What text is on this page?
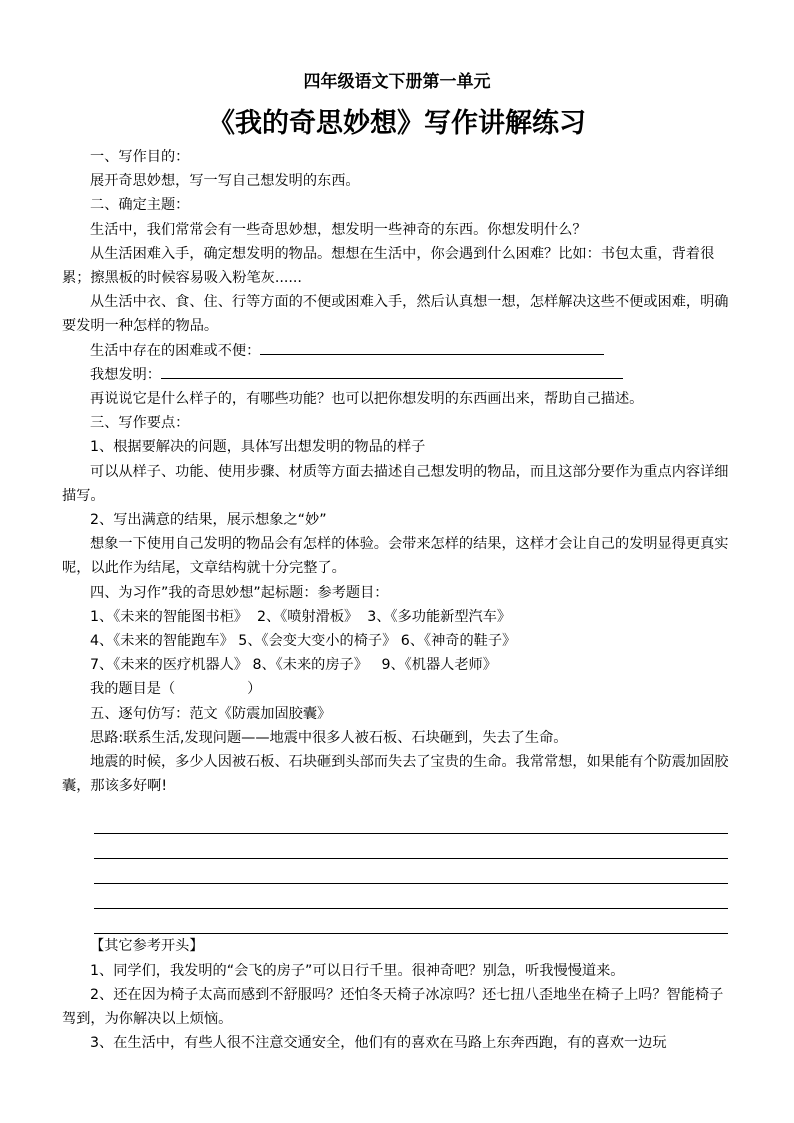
四年级语文下册第一单元
《我的奇思妙想》写作讲解练习

一、写作目的：

展开奇思妙想，写一写自己想发明的东西。

二、确定主题：

生活中，我们常常会有一些奇思妙想，想发明一些神奇的东西。你想发明什么？

从生活困难入手，确定想发明的物品。想想在生活中，你会遇到什么困难？比如：书包太重，背着很累；擦黑板的时候容易吸入粉笔灰......

从生活中衣、食、住、行等方面的不便或困难入手，然后认真想一想，怎样解决这些不便或困难，明确要发明一种怎样的物品。

生活中存在的困难或不便：

我想发明：

再说说它是什么样子的，有哪些功能？也可以把你想发明的东西画出来，帮助自己描述。

三、写作要点：

1、根据要解决的问题，具体写出想发明的物品的样子

可以从样子、功能、使用步骤、材质等方面去描述自己想发明的物品，而且这部分要作为重点内容详细描写。

2、写出满意的结果，展示想象之“妙”

想象一下使用自己发明的物品会有怎样的体验。会带来怎样的结果，这样才会让自己的发明显得更真实呢，以此作为结尾，文章结构就十分完整了。

四、为习作”我的奇思妙想”起标题：参考题目：

1、《未来的智能图书柜》  2、《喷射滑板》  3、《多功能新型汽车》

4、《未来的智能跑车》 5、《会变大变小的椅子》 6、《神奇的鞋子》

7、《未来的医疗机器人》 8、《未来的房子》   9、《机器人老师》

我的题目是（	）

五、逐句仿写：范文《防震加固胶囊》

思路:联系生活,发现问题——地震中很多人被石板、石块砸到，失去了生命。

地震的时候，多少人因被石板、石块砸到头部而失去了宝贵的生命。我常常想，如果能有个防震加固胶囊，那该多好啊!

【其它参考开头】

1、同学们，我发明的“会飞的房子”可以日行千里。很神奇吧？别急，听我慢慢道来。

2、还在因为椅子太高而感到不舒服吗？还怕冬天椅子冰凉吗？还七扭八歪地坐在椅子上吗？智能椅子驾到，为你解决以上烦恼。

3、在生活中，有些人很不注意交通安全，他们有的喜欢在马路上东奔西跑，有的喜欢一边玩
